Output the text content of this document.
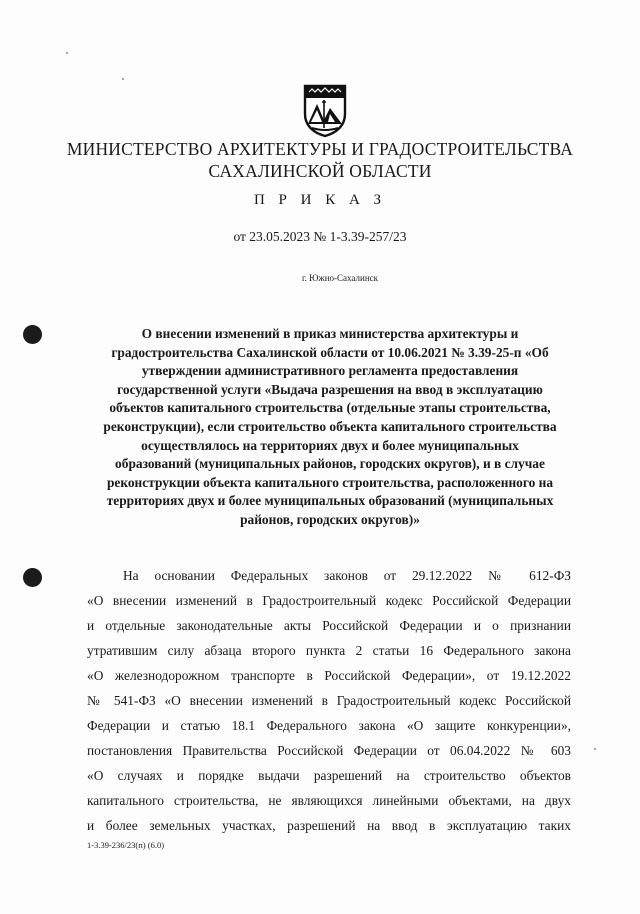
МИНИСТЕРСТВО АРХИТЕКТУРЫ И ГРАДОСТРОИТЕЛЬСТВА
САХАЛИНСКОЙ ОБЛАСТИ
П Р И К А З
от 23.05.2023 № 1-3.39-257/23
г. Южно-Сахалинск
О внесении изменений в приказ министерства архитектуры и
градостроительства Сахалинской области от 10.06.2021 № 3.39-25-п «Об
утверждении административного регламента предоставления
государственной услуги «Выдача разрешения на ввод в эксплуатацию
объектов капитального строительства (отдельные этапы строительства,
реконструкции), если строительство объекта капитального строительства
осуществлялось на территориях двух и более муниципальных
образований (муниципальных районов, городских округов), и в случае
реконструкции объекта капитального строительства, расположенного на
территориях двух и более муниципальных образований (муниципальных
районов, городских округов)»

На основании Федеральных законов от 29.12.2022 № 612-ФЗ
«О внесении изменений в Градостроительный кодекс Российской Федерации
и отдельные законодательные акты Российской Федерации и о признании
утратившим силу абзаца второго пункта 2 статьи 16 Федерального закона
«О железнодорожном транспорте в Российской Федерации», от 19.12.2022
№ 541-ФЗ «О внесении изменений в Градостроительный кодекс Российской
Федерации и статью 18.1 Федерального закона «О защите конкуренции»,
постановления Правительства Российской Федерации от 06.04.2022 № 603
«О случаях и порядке выдачи разрешений на строительство объектов
капитального строительства, не являющихся линейными объектами, на двух
и более земельных участках, разрешений на ввод в эксплуатацию таких

1-3.39-236/23(п) (6.0)
